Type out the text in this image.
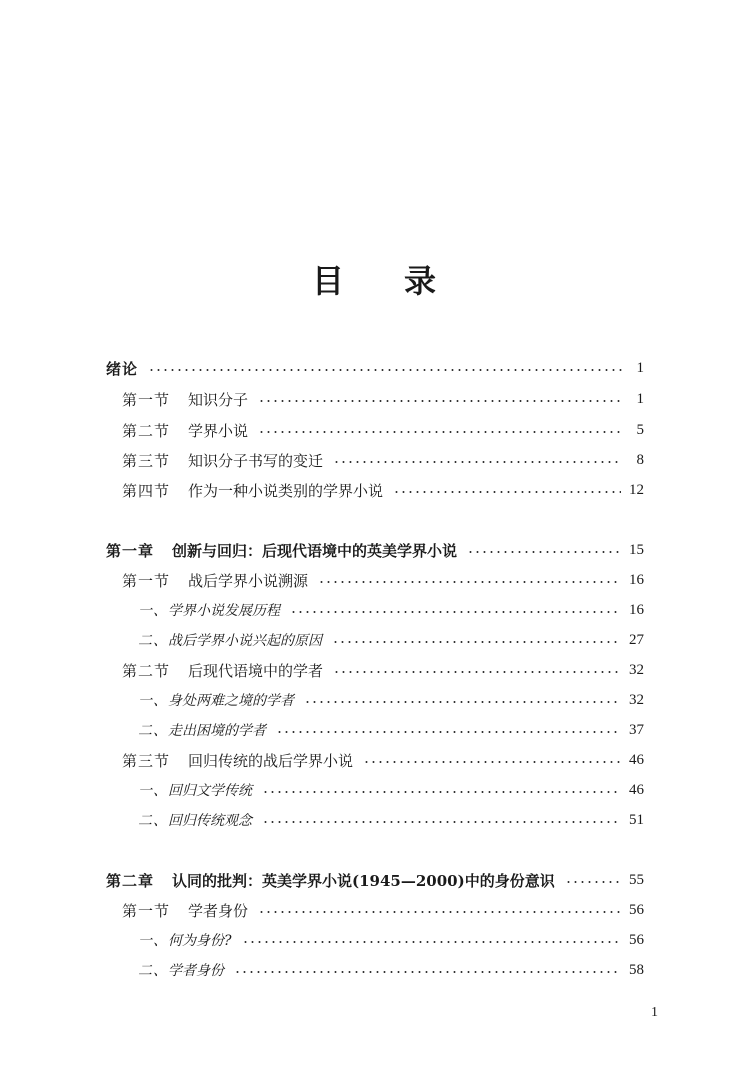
目 录
绪论	1
第一节 知识分子	1
第二节 学界小说	5
第三节 知识分子书写的变迁	8
第四节 作为一种小说类别的学界小说	12
第一章 创新与回归：后现代语境中的英美学界小说	15
第一节 战后学界小说溯源	16
一、学界小说发展历程	16
二、战后学界小说兴起的原因	27
第二节 后现代语境中的学者	32
一、身处两难之境的学者	32
二、走出困境的学者	37
第三节 回归传统的战后学界小说	46
一、回归文学传统	46
二、回归传统观念	51
第二章 认同的批判：英美学界小说(1945—2000)中的身份意识	55
第一节 学者身份	56
一、何为身份?	56
二、学者身份	58
1
